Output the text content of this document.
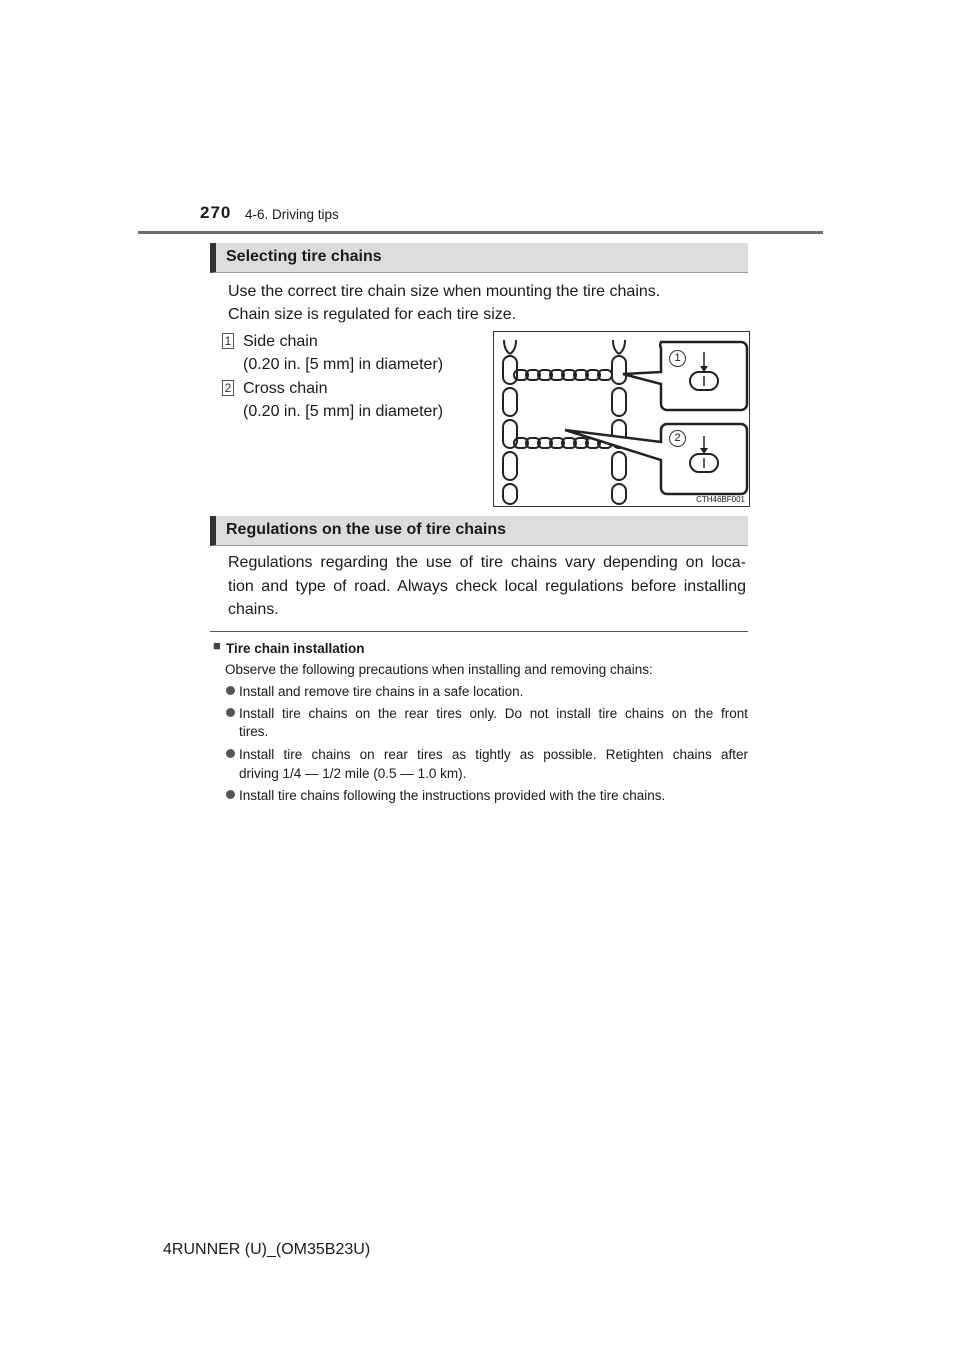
270 4-6. Driving tips
Selecting tire chains
Use the correct tire chain size when mounting the tire chains.
Chain size is regulated for each tire size.
1 Side chain
(0.20 in. [5 mm] in diameter)
2 Cross chain
(0.20 in. [5 mm] in diameter)
1
2
CTH46BF001
Regulations on the use of tire chains
Regulations regarding the use of tire chains vary depending on loca-
tion and type of road. Always check local regulations before installing
chains.
■ Tire chain installation
Observe the following precautions when installing and removing chains:
Install and remove tire chains in a safe location.
Install tire chains on the rear tires only. Do not install tire chains on the front
tires.
Install tire chains on rear tires as tightly as possible. Retighten chains after
driving 1/4 — 1/2 mile (0.5 — 1.0 km).
Install tire chains following the instructions provided with the tire chains.
4RUNNER (U)_(OM35B23U)
